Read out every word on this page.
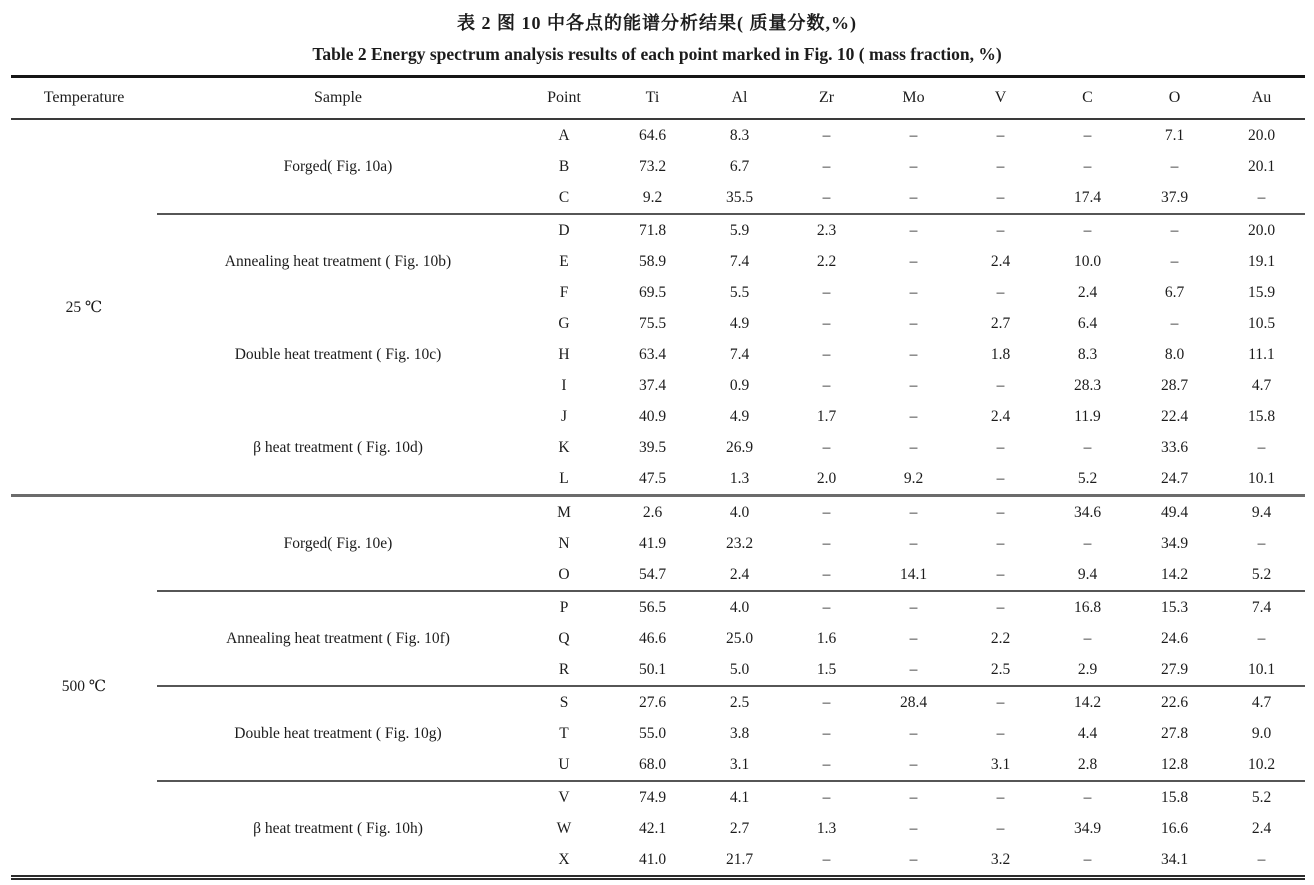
表 2 图 10 中各点的能谱分析结果( 质量分数,%)
Table 2 Energy spectrum analysis results of each point marked in Fig. 10 ( mass fraction, %)
Temperature	Sample	Point	Ti	Al	Zr	Mo	V	C	O	Au
25 ℃	Forged( Fig. 10a)	A	64.6	8.3	–	–	–	–	7.1	20.0
		B	73.2	6.7	–	–	–	–	–	20.1
		C	9.2	35.5	–	–	–	17.4	37.9	–
	Annealing heat treatment ( Fig. 10b)	D	71.8	5.9	2.3	–	–	–	–	20.0
		E	58.9	7.4	2.2	–	2.4	10.0	–	19.1
		F	69.5	5.5	–	–	–	2.4	6.7	15.9
	Double heat treatment ( Fig. 10c)	G	75.5	4.9	–	–	2.7	6.4	–	10.5
		H	63.4	7.4	–	–	1.8	8.3	8.0	11.1
		I	37.4	0.9	–	–	–	28.3	28.7	4.7
	β heat treatment ( Fig. 10d)	J	40.9	4.9	1.7	–	2.4	11.9	22.4	15.8
		K	39.5	26.9	–	–	–	–	33.6	–
		L	47.5	1.3	2.0	9.2	–	5.2	24.7	10.1
500 ℃	Forged( Fig. 10e)	M	2.6	4.0	–	–	–	34.6	49.4	9.4
		N	41.9	23.2	–	–	–	–	34.9	–
		O	54.7	2.4	–	14.1	–	9.4	14.2	5.2
	Annealing heat treatment ( Fig. 10f)	P	56.5	4.0	–	–	–	16.8	15.3	7.4
		Q	46.6	25.0	1.6	–	2.2	–	24.6	–
		R	50.1	5.0	1.5	–	2.5	2.9	27.9	10.1
	Double heat treatment ( Fig. 10g)	S	27.6	2.5	–	28.4	–	14.2	22.6	4.7
		T	55.0	3.8	–	–	–	4.4	27.8	9.0
		U	68.0	3.1	–	–	3.1	2.8	12.8	10.2
	β heat treatment ( Fig. 10h)	V	74.9	4.1	–	–	–	–	15.8	5.2
		W	42.1	2.7	1.3	–	–	34.9	16.6	2.4
		X	41.0	21.7	–	–	3.2	–	34.1	–
